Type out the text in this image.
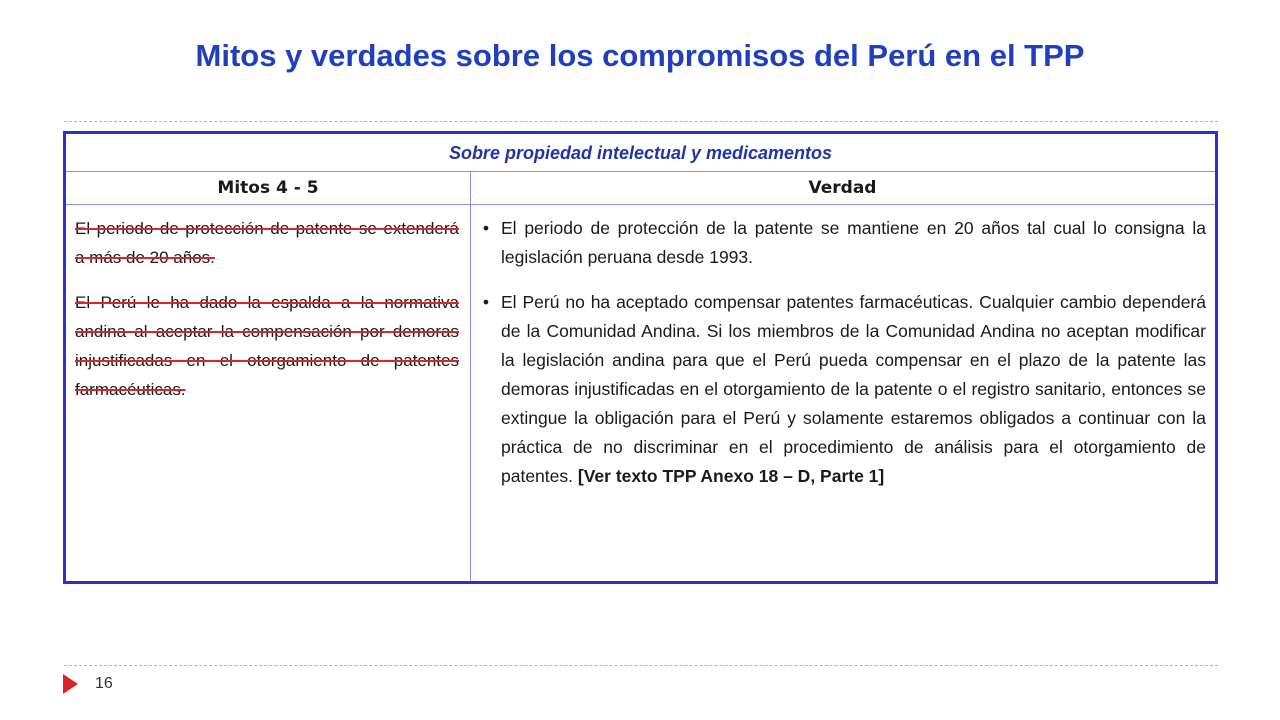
Mitos y verdades sobre los compromisos del Perú en el TPP
Sobre propiedad intelectual y medicamentos
Mitos 4 - 5	Verdad

El periodo de protección de patente se extenderá a más de 20 años.

El Perú le ha dado la espalda a la normativa andina al aceptar la compensación por demoras injustificadas en el otorgamiento de patentes farmacéuticas.

• El periodo de protección de la patente se mantiene en 20 años tal cual lo consigna la legislación peruana desde 1993.
• El Perú no ha aceptado compensar patentes farmacéuticas. Cualquier cambio dependerá de la Comunidad Andina. Si los miembros de la Comunidad Andina no aceptan modificar la legislación andina para que el Perú pueda compensar en el plazo de la patente las demoras injustificadas en el otorgamiento de la patente o el registro sanitario, entonces se extingue la obligación para el Perú y solamente estaremos obligados a continuar con la práctica de no discriminar en el procedimiento de análisis para el otorgamiento de patentes. [Ver texto TPP Anexo 18 – D, Parte 1]
16
